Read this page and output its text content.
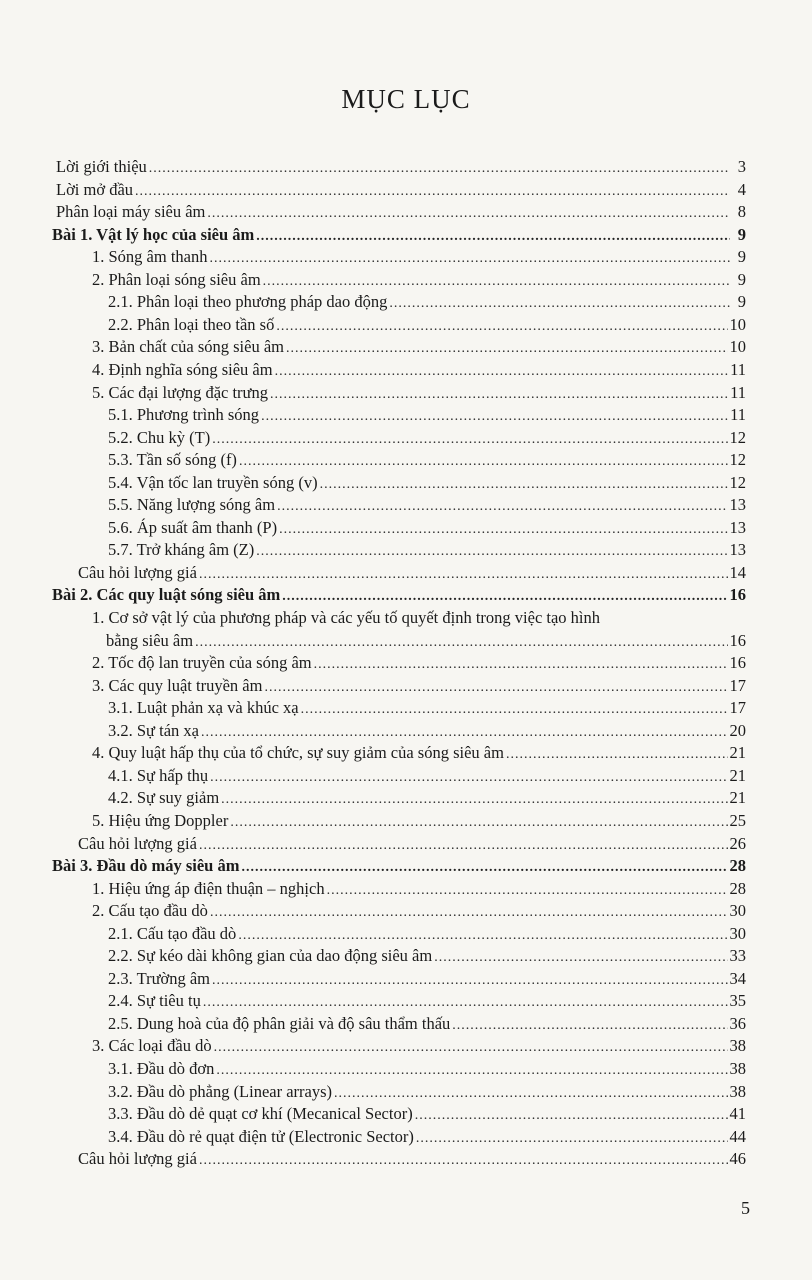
MỤC LỤC
Lời giới thiệu .....	3
Lời mở đầu .....	4
Phân loại máy siêu âm .....	8
Bài 1. Vật lý học của siêu âm .....	9
1. Sóng âm thanh .....	9
2. Phân loại sóng siêu âm .....	9
2.1. Phân loại theo phương pháp dao động .....	9
2.2. Phân loại theo tần số .....	10
3. Bản chất của sóng siêu âm .....	10
4. Định nghĩa sóng siêu âm .....	11
5. Các đại lượng đặc trưng .....	11
5.1. Phương trình sóng .....	11
5.2. Chu kỳ (T) .....	12
5.3. Tần số sóng (f) .....	12
5.4. Vận tốc lan truyền sóng (v) .....	12
5.5. Năng lượng sóng âm .....	13
5.6. Áp suất âm thanh (P) .....	13
5.7. Trở kháng âm (Z) .....	13
Câu hỏi lượng giá .....	14
Bài 2. Các quy luật sóng siêu âm .....	16
1. Cơ sở vật lý của phương pháp và các yếu tố quyết định trong việc tạo hình
bằng siêu âm .....	16
2. Tốc độ lan truyền của sóng âm .....	16
3. Các quy luật truyền âm .....	17
3.1. Luật phản xạ và khúc xạ .....	17
3.2. Sự tán xạ .....	20
4. Quy luật hấp thụ của tổ chức, sự suy giảm của sóng siêu âm .....	21
4.1. Sự hấp thụ .....	21
4.2. Sự suy giảm .....	21
5. Hiệu ứng Doppler .....	25
Câu hỏi lượng giá .....	26
Bài 3. Đầu dò máy siêu âm .....	28
1. Hiệu ứng áp điện thuận – nghịch .....	28
2. Cấu tạo đầu dò .....	30
2.1. Cấu tạo đầu dò .....	30
2.2. Sự kéo dài không gian của dao động siêu âm .....	33
2.3. Trường âm .....	34
2.4. Sự tiêu tụ .....	35
2.5. Dung hoà của độ phân giải và độ sâu thẩm thấu .....	36
3. Các loại đầu dò .....	38
3.1. Đầu dò đơn .....	38
3.2. Đầu dò phẳng (Linear arrays) .....	38
3.3. Đầu dò dẻ quạt cơ khí (Mecanical Sector) .....	41
3.4. Đầu dò rẻ quạt điện tử (Electronic Sector) .....	44
Câu hỏi lượng giá .....	46
5
